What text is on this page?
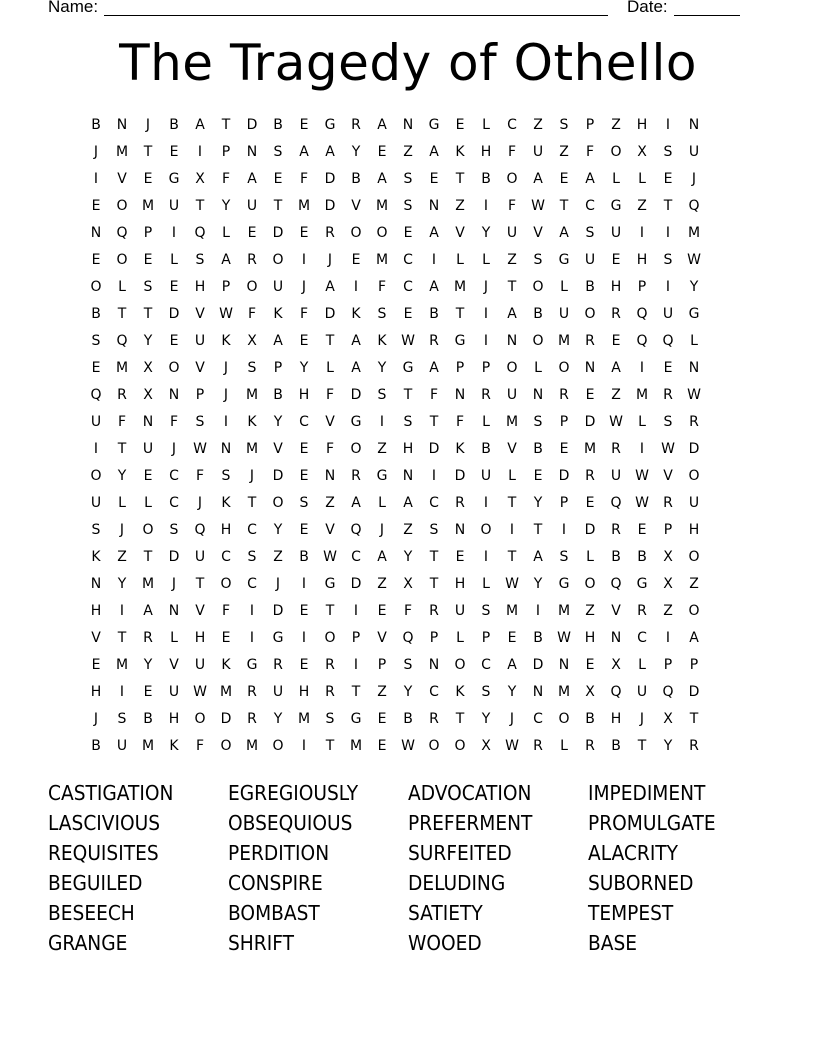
Name:	Date:
The Tragedy of Othello
B	N	J	B	A	T	D	B	E	G	R	A	N	G	E	L	C	Z	S	P	Z	H	I	N
J	M	T	E	I	P	N	S	A	A	Y	E	Z	A	K	H	F	U	Z	F	O	X	S	U
I	V	E	G	X	F	A	E	F	D	B	A	S	E	T	B	O	A	E	A	L	L	E	J
E	O	M	U	T	Y	U	T	M	D	V	M	S	N	Z	I	F	W	T	C	G	Z	T	Q
N	Q	P	I	Q	L	E	D	E	R	O	O	E	A	V	Y	U	V	A	S	U	I	I	M
E	O	E	L	S	A	R	O	I	J	E	M	C	I	L	L	Z	S	G	U	E	H	S	W
O	L	S	E	H	P	O	U	J	A	I	F	C	A	M	J	T	O	L	B	H	P	I	Y
B	T	T	D	V	W	F	K	F	D	K	S	E	B	T	I	A	B	U	O	R	Q	U	G
S	Q	Y	E	U	K	X	A	E	T	A	K	W	R	G	I	N	O	M	R	E	Q	Q	L
E	M	X	O	V	J	S	P	Y	L	A	Y	G	A	P	P	O	L	O	N	A	I	E	N
Q	R	X	N	P	J	M	B	H	F	D	S	T	F	N	R	U	N	R	E	Z	M	R	W
U	F	N	F	S	I	K	Y	C	V	G	I	S	T	F	L	M	S	P	D W	L	S	R
I	T	U	J	W N	M	V	E	F	O	Z	H	D	K	B	V	B	E	M	R	I	W D
O	Y	E	C	F	S	J	D	E	N	R	G	N	I	D	U	L	E	D	R	U W	V	O
U	L	L	C	J	K	T	O	S	Z	A	L	A	C	R	I	T	Y	P	E	Q W	R	U
S	J	O	S	Q	H	C	Y	E	V	Q	J	Z	S	N	O	I	T	I	D	R	E	P	H
K	Z	T	D	U	C	S	Z	B	W	C	A	Y	T	E	I	T	A	S	L	B	B	X	O
N	Y	M	J	T	O	C	J	I	G	D	Z	X	T	H	L	W	Y	G	O	Q	G	X	Z
H	I	A	N	V	F	I	D	E	T	I	E	F	R	U	S	M	I	M	Z	V	R	Z	O
V	T	R	L	H	E	I	G	I	O	P	V	Q	P	L	P	E	B	W H	N	C	I	A
E	M	Y	V	U	K	G	R	E	R	I	P	S	N	O	C	A	D	N	E	X	L	P	P
H	I	E	U W M	R	U	H	R	T	Z	Y	C	K	S	Y	N	M	X	Q	U	Q	D
J	S	B	H	O	D	R	Y	M	S	G	E	B	R	T	Y	J	C	O	B	H	J	X	T
B	U	M	K	F	O	M	O	I	T	M	E	W O	O	X	W	R	L	R	B	T	Y	R
CASTIGATION	EGREGIOUSLY	ADVOCATION	IMPEDIMENT
LASCIVIOUS	OBSEQUIOUS	PREFERMENT	PROMULGATE
REQUISITES	PERDITION	SURFEITED	ALACRITY
BEGUILED	CONSPIRE	DELUDING	SUBORNED
BESEECH	BOMBAST	SATIETY	TEMPEST
GRANGE	SHRIFT	WOOED	BASE
